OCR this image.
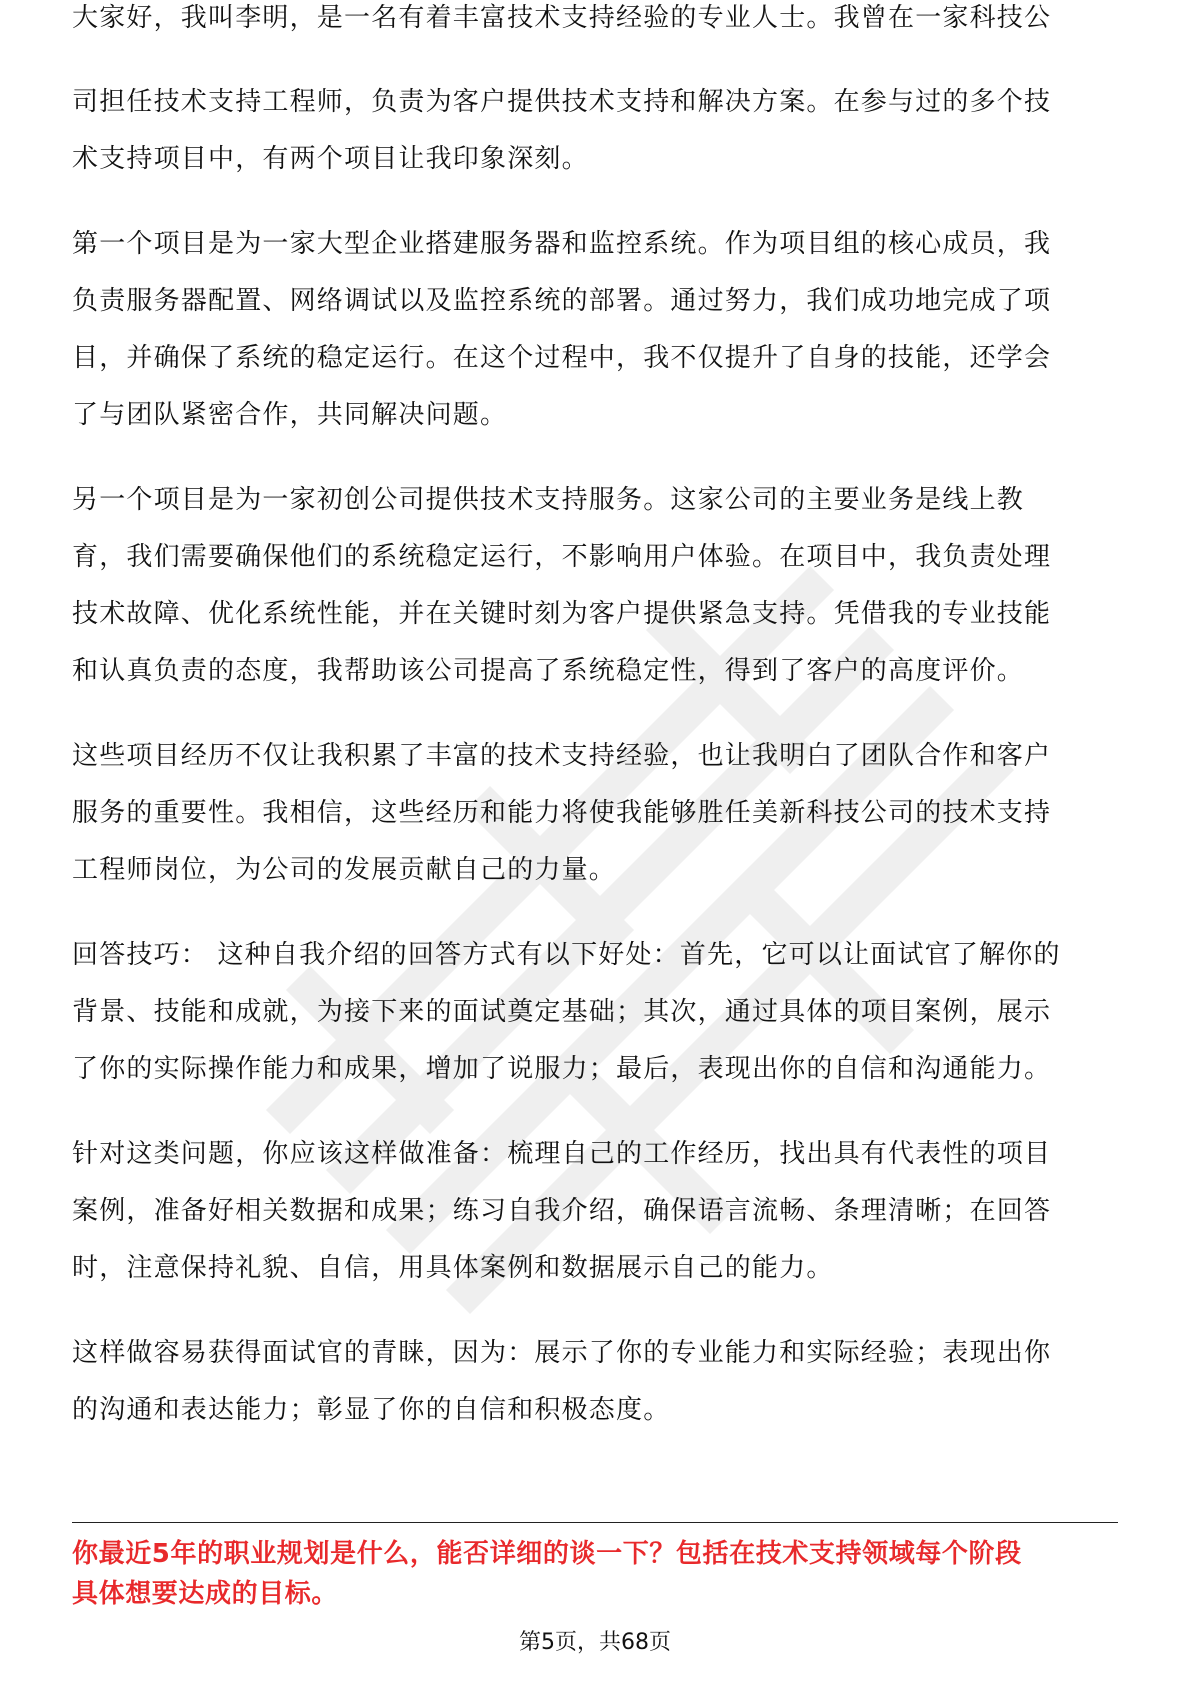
大家好，我叫李明，是一名有着丰富技术支持经验的专业人士。我曾在一家科技公

司担任技术支持工程师，负责为客户提供技术支持和解决方案。在参与过的多个技
术支持项目中，有两个项目让我印象深刻。

第一个项目是为一家大型企业搭建服务器和监控系统。作为项目组的核心成员，我
负责服务器配置、网络调试以及监控系统的部署。通过努力，我们成功地完成了项
目，并确保了系统的稳定运行。在这个过程中，我不仅提升了自身的技能，还学会
了与团队紧密合作，共同解决问题。

另一个项目是为一家初创公司提供技术支持服务。这家公司的主要业务是线上教
育，我们需要确保他们的系统稳定运行，不影响用户体验。在项目中，我负责处理
技术故障、优化系统性能，并在关键时刻为客户提供紧急支持。凭借我的专业技能
和认真负责的态度，我帮助该公司提高了系统稳定性，得到了客户的高度评价。

这些项目经历不仅让我积累了丰富的技术支持经验，也让我明白了团队合作和客户
服务的重要性。我相信，这些经历和能力将使我能够胜任美新科技公司的技术支持
工程师岗位，为公司的发展贡献自己的力量。

回答技巧： 这种自我介绍的回答方式有以下好处：首先，它可以让面试官了解你的
背景、技能和成就，为接下来的面试奠定基础；其次，通过具体的项目案例，展示
了你的实际操作能力和成果，增加了说服力；最后，表现出你的自信和沟通能力。

针对这类问题，你应该这样做准备：梳理自己的工作经历，找出具有代表性的项目
案例，准备好相关数据和成果；练习自我介绍，确保语言流畅、条理清晰；在回答
时，注意保持礼貌、自信，用具体案例和数据展示自己的能力。

这样做容易获得面试官的青睐，因为：展示了你的专业能力和实际经验；表现出你
的沟通和表达能力；彰显了你的自信和积极态度。

你最近5年的职业规划是什么，能否详细的谈一下？包括在技术支持领域每个阶段
具体想要达成的目标。
第5页，共68页
